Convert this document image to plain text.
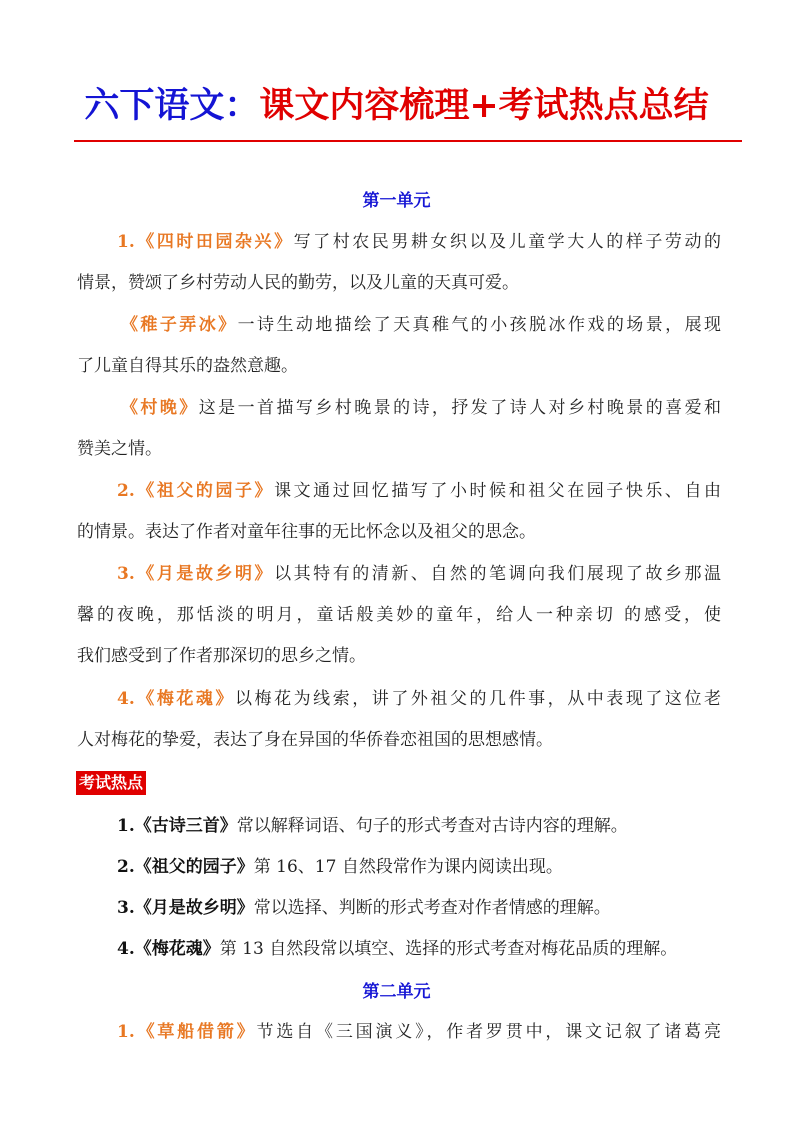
六下语文：课文内容梳理+考试热点总结
第一单元
1.《四时田园杂兴》写了村农民男耕女织以及儿童学大人的样子劳动的
情景，赞颂了乡村劳动人民的勤劳，以及儿童的天真可爱。
《稚子弄冰》一诗生动地描绘了天真稚气的小孩脱冰作戏的场景，展现
了儿童自得其乐的盎然意趣。
《村晚》这是一首描写乡村晚景的诗，抒发了诗人对乡村晚景的喜爱和
赞美之情。
2.《祖父的园子》课文通过回忆描写了小时候和祖父在园子快乐、自由
的情景。表达了作者对童年往事的无比怀念以及祖父的思念。
3.《月是故乡明》以其特有的清新、自然的笔调向我们展现了故乡那温
馨的夜晚，那恬淡的明月，童话般美妙的童年，给人一种亲切 的感受，使
我们感受到了作者那深切的思乡之情。
4.《梅花魂》以梅花为线索，讲了外祖父的几件事，从中表现了这位老
人对梅花的挚爱，表达了身在异国的华侨眷恋祖国的思想感情。
考试热点
1.《古诗三首》常以解释词语、句子的形式考查对古诗内容的理解。
2.《祖父的园子》第 16、17 自然段常作为课内阅读出现。
3.《月是故乡明》常以选择、判断的形式考查对作者情感的理解。
4.《梅花魂》第 13 自然段常以填空、选择的形式考查对梅花品质的理解。
第二单元
1.《草船借箭》节选自《三国演义》，作者罗贯中，课文记叙了诸葛亮
